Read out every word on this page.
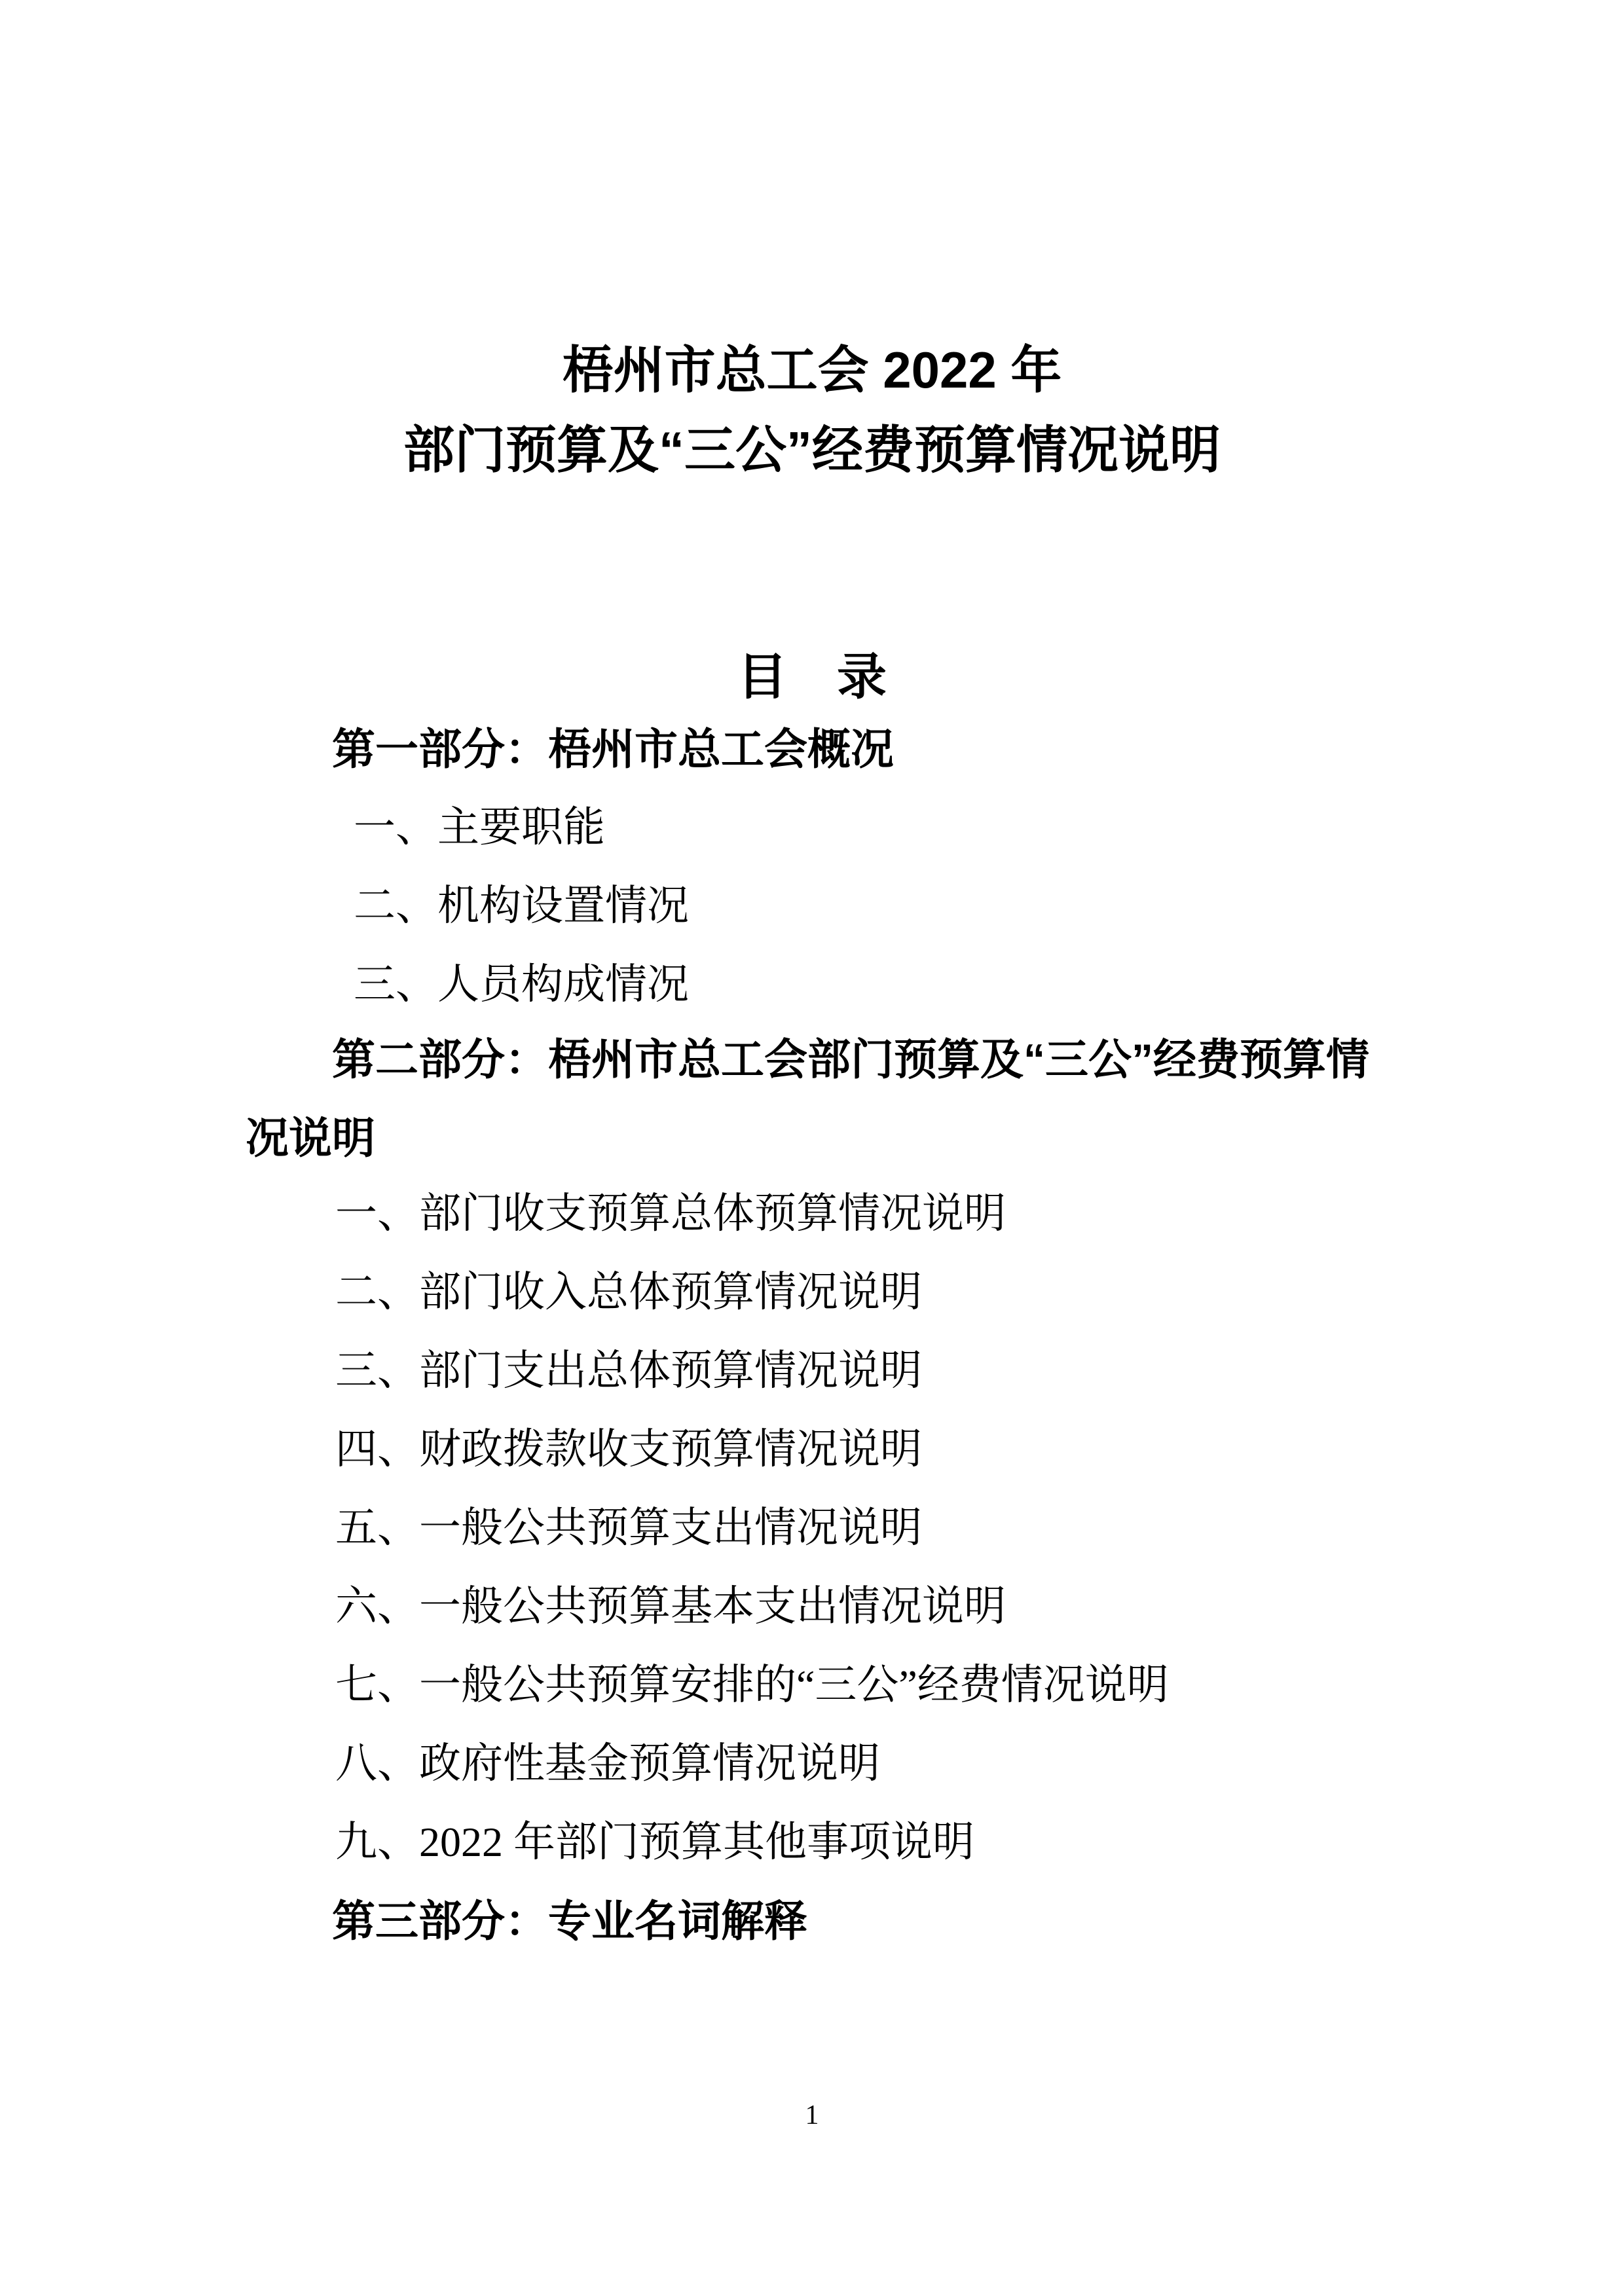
梧州市总工会 2022 年
部门预算及“三公”经费预算情况说明
目　录
第一部分：梧州市总工会概况
一、主要职能
二、机构设置情况
三、人员构成情况
第二部分：梧州市总工会部门预算及“三公”经费预算情
况说明
一、部门收支预算总体预算情况说明
二、部门收入总体预算情况说明
三、部门支出总体预算情况说明
四、财政拨款收支预算情况说明
五、一般公共预算支出情况说明
六、一般公共预算基本支出情况说明
七、一般公共预算安排的“三公”经费情况说明
八、政府性基金预算情况说明
九、2022 年部门预算其他事项说明
第三部分：专业名词解释
1
